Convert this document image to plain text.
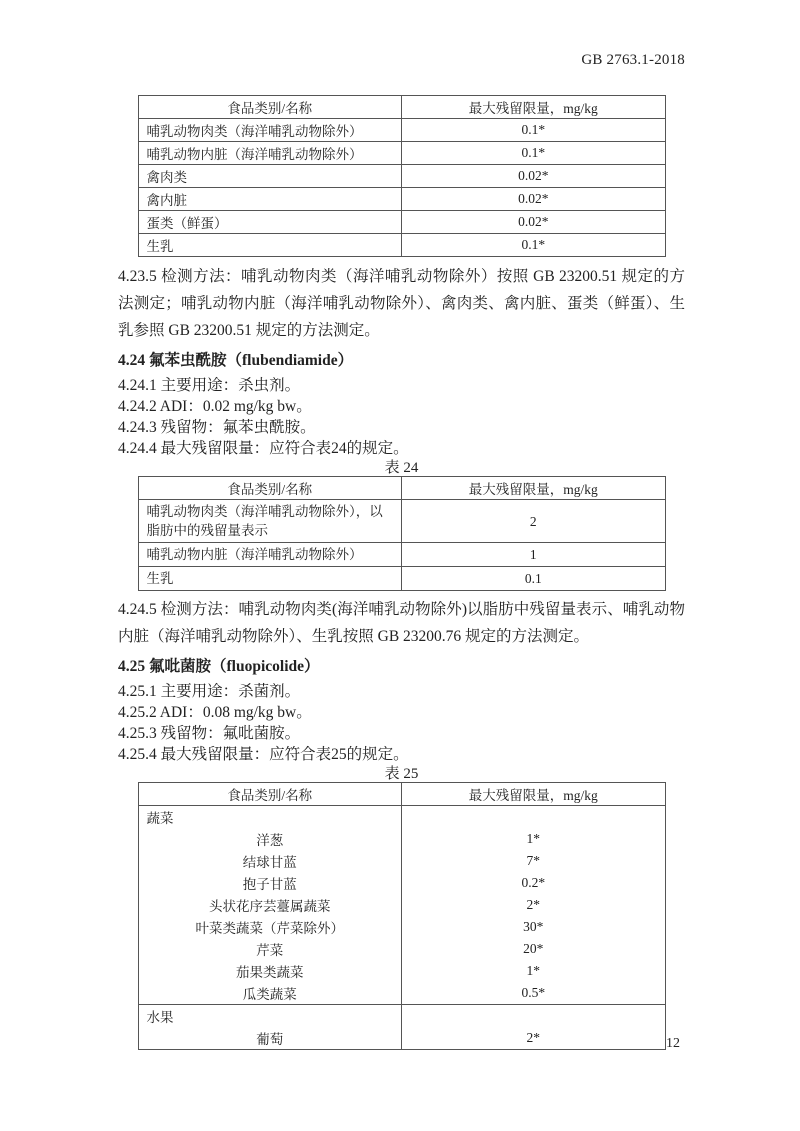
GB 2763.1-2018
食品类别/名称	最大残留限量，mg/kg
哺乳动物肉类（海洋哺乳动物除外）	0.1*
哺乳动物内脏（海洋哺乳动物除外）	0.1*
禽肉类	0.02*
禽内脏	0.02*
蛋类（鲜蛋）	0.02*
生乳	0.1*

4.23.5 检测方法：哺乳动物肉类（海洋哺乳动物除外）按照 GB 23200.51 规定的方法测定；哺乳动物内脏（海洋哺乳动物除外）、禽肉类、禽内脏、蛋类（鲜蛋）、生乳参照 GB 23200.51 规定的方法测定。

4.24 氟苯虫酰胺（flubendiamide）
4.24.1 主要用途：杀虫剂。
4.24.2 ADI：0.02 mg/kg bw。
4.24.3 残留物：氟苯虫酰胺。
4.24.4 最大残留限量：应符合表24的规定。
表 24
食品类别/名称	最大残留限量，mg/kg
哺乳动物肉类（海洋哺乳动物除外），以脂肪中的残留量表示	2
哺乳动物内脏（海洋哺乳动物除外）	1
生乳	0.1

4.24.5 检测方法：哺乳动物肉类(海洋哺乳动物除外)以脂肪中残留量表示、哺乳动物内脏（海洋哺乳动物除外）、生乳按照 GB 23200.76 规定的方法测定。

4.25 氟吡菌胺（fluopicolide）
4.25.1 主要用途：杀菌剂。
4.25.2 ADI：0.08 mg/kg bw。
4.25.3 残留物：氟吡菌胺。
4.25.4 最大残留限量：应符合表25的规定。
表 25
食品类别/名称	最大残留限量，mg/kg
蔬菜	
洋葱	1*
结球甘蓝	7*
抱子甘蓝	0.2*
头状花序芸薹属蔬菜	2*
叶菜类蔬菜（芹菜除外）	30*
芹菜	20*
茄果类蔬菜	1*
瓜类蔬菜	0.5*
水果	
葡萄	2*	12
